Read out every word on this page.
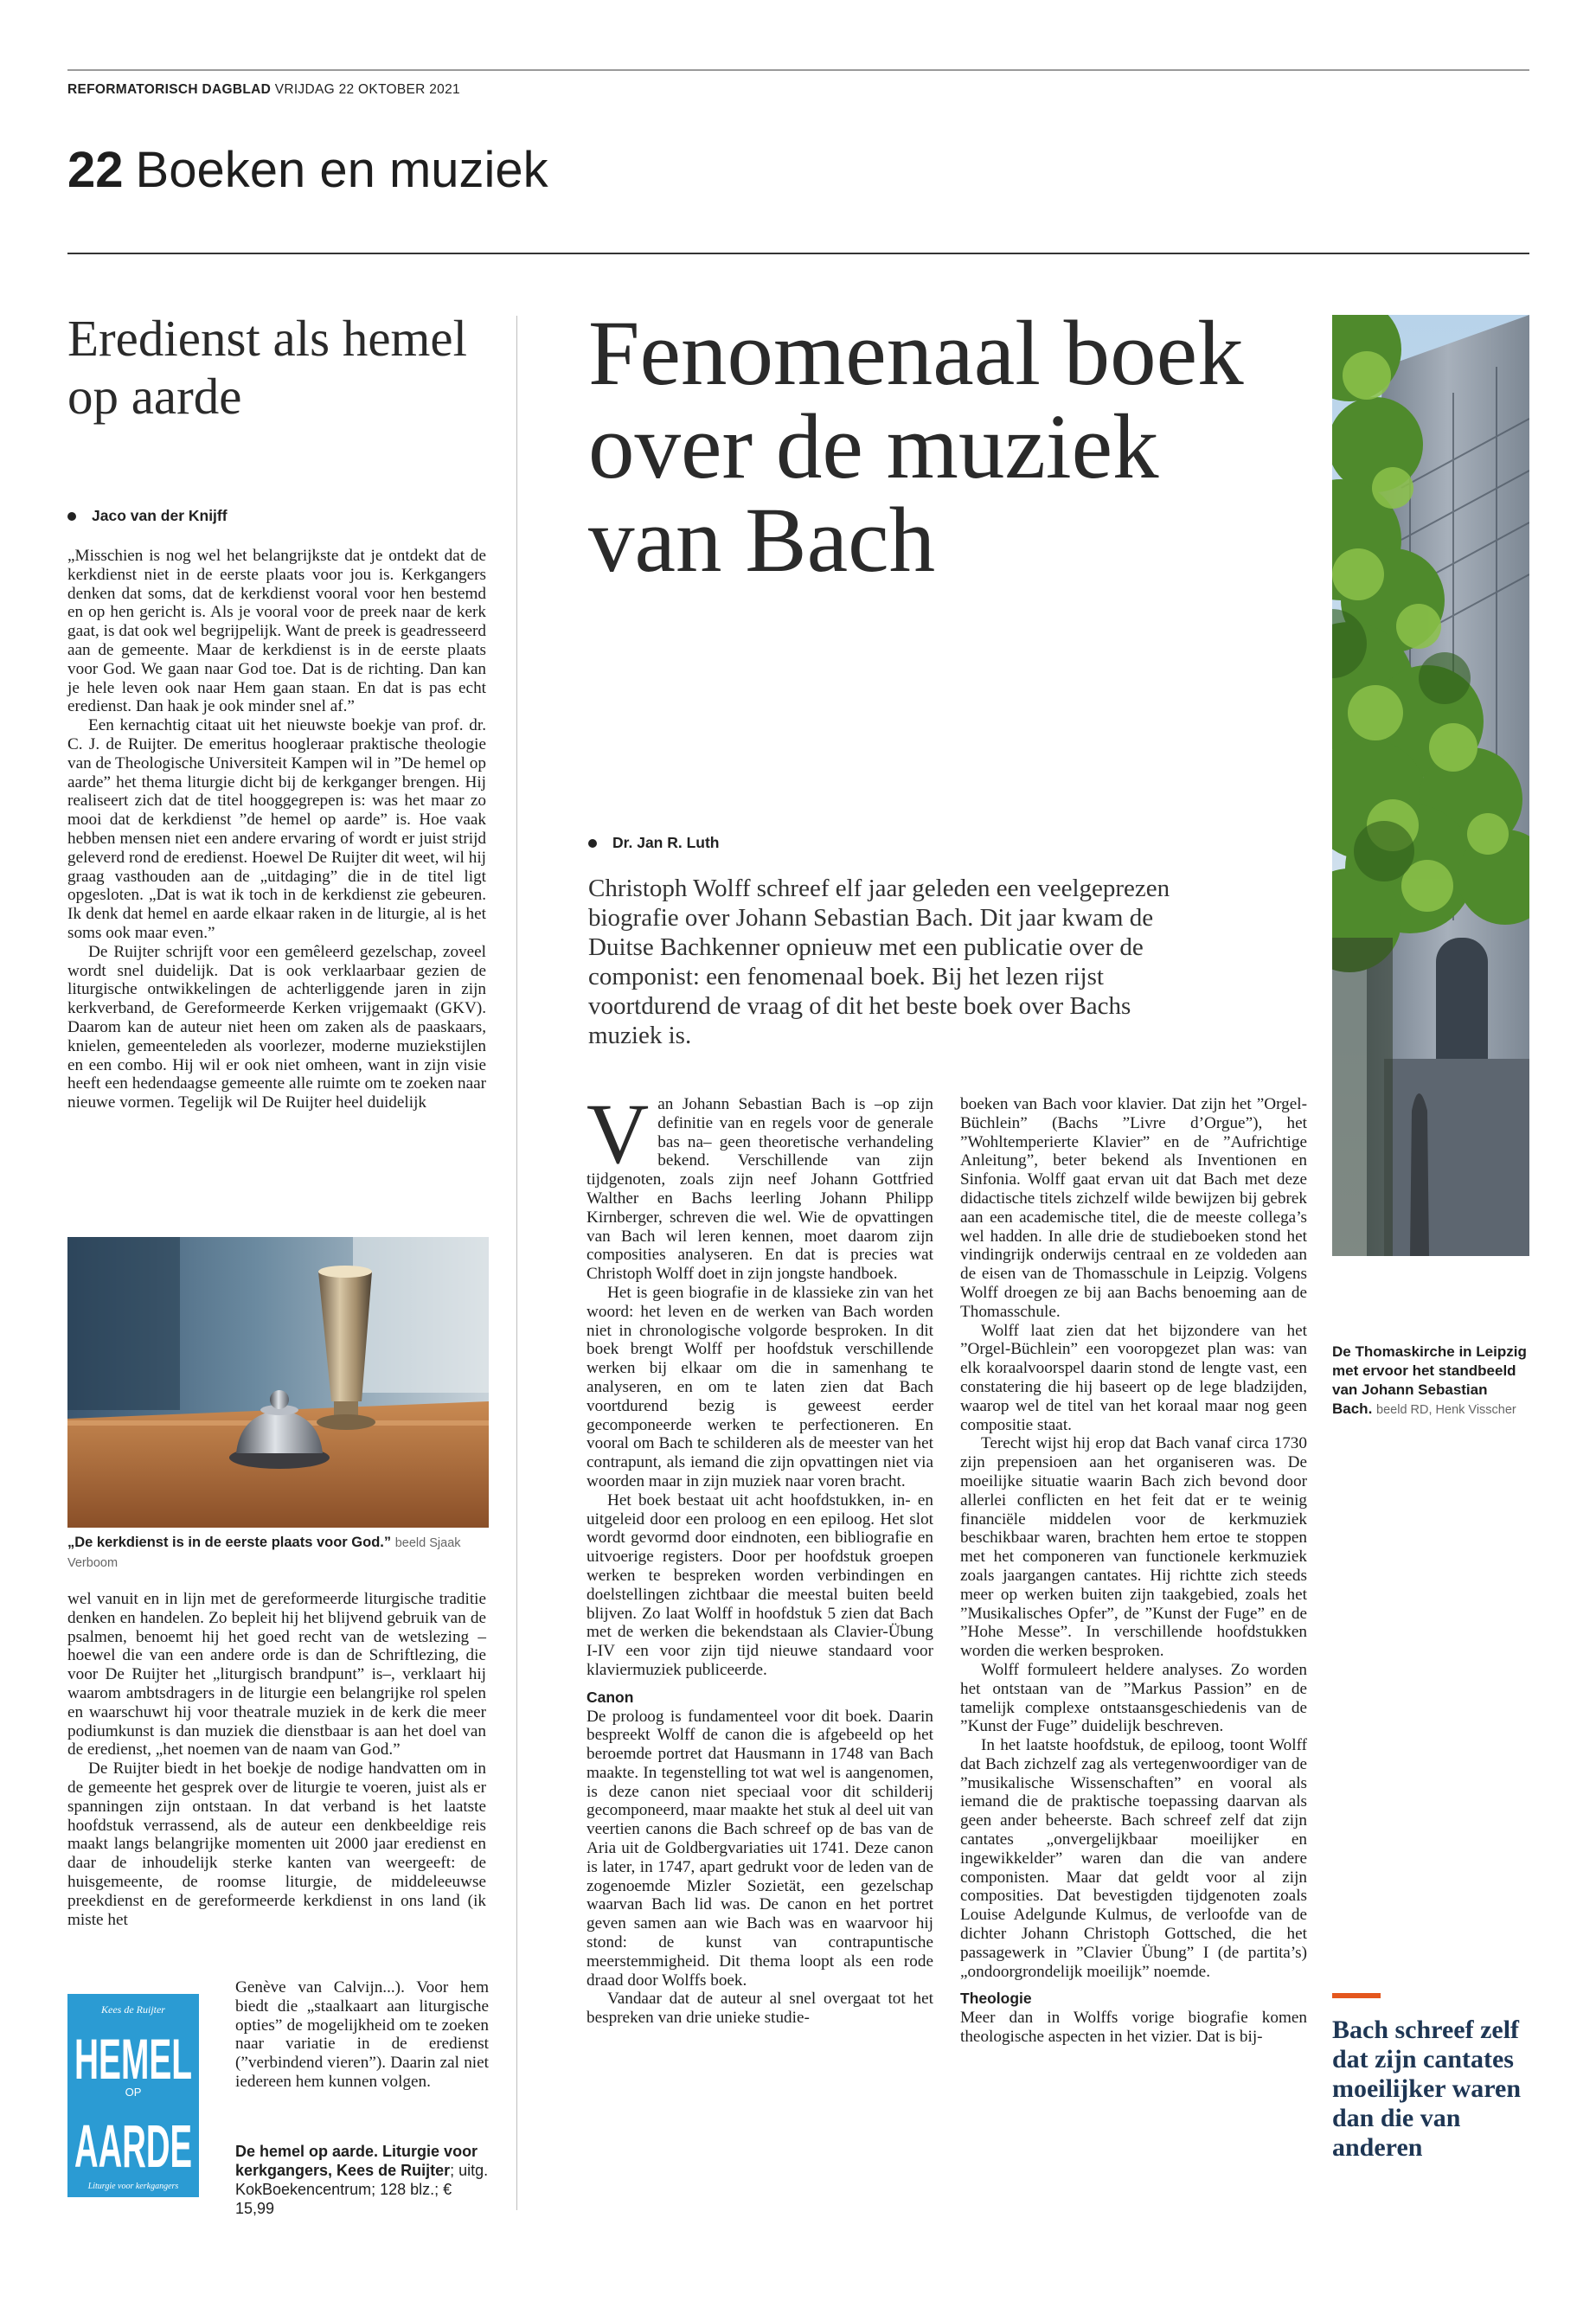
REFORMATORISCH DAGBLAD VRIJDAG 22 OKTOBER 2021
22 Boeken en muziek
Eredienst als hemel op aarde
Jaco van der Knijff

„Misschien is nog wel het belangrijkste dat je ontdekt dat de kerkdienst niet in de eerste plaats voor jou is. Kerkgangers denken dat soms, dat de kerkdienst vooral voor hen bestemd en op hen gericht is. Als je vooral voor de preek naar de kerk gaat, is dat ook wel begrijpelijk. Want de preek is geadresseerd aan de gemeente. Maar de kerkdienst is in de eerste plaats voor God. We gaan naar God toe. Dat is de richting. Dan kan je hele leven ook naar Hem gaan staan. En dat is pas echt eredienst. Dan haak je ook minder snel af.”

Een kernachtig citaat uit het nieuwste boekje van prof. dr. C. J. de Ruijter. De emeritus hoogleraar praktische theologie van de Theologische Universiteit Kampen wil in ”De hemel op aarde” het thema liturgie dicht bij de kerkganger brengen. Hij realiseert zich dat de titel hooggegrepen is: was het maar zo mooi dat de kerkdienst ”de hemel op aarde” is. Hoe vaak hebben mensen niet een andere ervaring of wordt er juist strijd geleverd rond de eredienst. Hoewel De Ruijter dit weet, wil hij graag vasthouden aan de „uitdaging” die in de titel ligt opgesloten. „Dat is wat ik toch in de kerkdienst zie gebeuren. Ik denk dat hemel en aarde elkaar raken in de liturgie, al is het soms ook maar even.”

De Ruijter schrijft voor een gemêleerd gezelschap, zoveel wordt snel duidelijk. Dat is ook verklaarbaar gezien de liturgische ontwikkelingen de achterliggende jaren in zijn kerkverband, de Gereformeerde Kerken vrijgemaakt (GKV). Daarom kan de auteur niet heen om zaken als de paaskaars, knielen, gemeenteleden als voorlezer, moderne muziekstijlen en een combo. Hij wil er ook niet omheen, want in zijn visie heeft een hedendaagse gemeente alle ruimte om te zoeken naar nieuwe vormen. Tegelijk wil De Ruijter heel duidelijk

„De kerkdienst is in de eerste plaats voor God.” beeld Sjaak Verboom

wel vanuit en in lijn met de gereformeerde liturgische traditie denken en handelen. Zo bepleit hij het blijvend gebruik van de psalmen, benoemt hij het goed recht van de wetslezing –hoewel die van een andere orde is dan de Schriftlezing, die voor De Ruijter het „liturgisch brandpunt” is–, verklaart hij waarom ambtsdragers in de liturgie een belangrijke rol spelen en waarschuwt hij voor theatrale muziek in de kerk die meer podiumkunst is dan muziek die dienstbaar is aan het doel van de eredienst, „het noemen van de naam van God.”

De Ruijter biedt in het boekje de nodige handvatten om in de gemeente het gesprek over de liturgie te voeren, juist als er spanningen zijn ontstaan. In dat verband is het laatste hoofdstuk verrassend, als de auteur een denkbeeldige reis maakt langs belangrijke momenten uit 2000 jaar eredienst en daar de inhoudelijk sterke kanten van weergeeft: de huisgemeente, de roomse liturgie, de middeleeuwse preekdienst en de gereformeerde kerkdienst in ons land (ik miste het

Kees de Ruijter
HEMEL
OP
AARDE
Liturgie voor kerkgangers

Genève van Calvijn...). Voor hem biedt die „staalkaart aan liturgische opties” de mogelijkheid om te zoeken naar variatie in de eredienst (”verbindend vieren”). Daarin zal niet iedereen hem kunnen volgen.

De hemel op aarde. Liturgie voor kerkgangers, Kees de Ruijter; uitg. KokBoekencentrum; 128 blz.; € 15,99
Fenomenaal boek over de muziek van Bach
Dr. Jan R. Luth
Christoph Wolff schreef elf jaar geleden een veelgeprezen biografie over Johann Sebastian Bach. Dit jaar kwam de Duitse Bachkenner opnieuw met een publicatie over de componist: een fenomenaal boek. Bij het lezen rijst voortdurend de vraag of dit het beste boek over Bachs muziek is.

Van Johann Sebastian Bach is –op zijn definitie van en regels voor de generale bas na– geen theoretische verhandeling bekend. Verschillende van zijn tijdgenoten, zoals zijn neef Johann Gottfried Walther en Bachs leerling Johann Philipp Kirnberger, schreven die wel. Wie de opvattingen van Bach wil leren kennen, moet daarom zijn composities analyseren. En dat is precies wat Christoph Wolff doet in zijn jongste handboek.

Het is geen biografie in de klassieke zin van het woord: het leven en de werken van Bach worden niet in chronologische volgorde besproken. In dit boek brengt Wolff per hoofdstuk verschillende werken bij elkaar om die in samenhang te analyseren, en om te laten zien dat Bach voortdurend bezig is geweest eerder gecomponeerde werken te perfectioneren. En vooral om Bach te schilderen als de meester van het contrapunt, als iemand die zijn opvattingen niet via woorden maar in zijn muziek naar voren bracht.

Het boek bestaat uit acht hoofdstukken, in- en uitgeleid door een proloog en een epiloog. Het slot wordt gevormd door eindnoten, een bibliografie en uitvoerige registers. Door per hoofdstuk groepen werken te bespreken worden verbindingen en doelstellingen zichtbaar die meestal buiten beeld blijven. Zo laat Wolff in hoofdstuk 5 zien dat Bach met de werken die bekendstaan als Clavier-Übung I-IV een voor zijn tijd nieuwe standaard voor klaviermuziek publiceerde.

Canon

De proloog is fundamenteel voor dit boek. Daarin bespreekt Wolff de canon die is afgebeeld op het beroemde portret dat Hausmann in 1748 van Bach maakte. In tegenstelling tot wat wel is aangenomen, is deze canon niet speciaal voor dit schilderij gecomponeerd, maar maakte het stuk al deel uit van veertien canons die Bach schreef op de bas van de Aria uit de Goldbergvariaties uit 1741. Deze canon is later, in 1747, apart gedrukt voor de leden van de zogenoemde Mizler Sozietät, een gezelschap waarvan Bach lid was. De canon en het portret geven samen aan wie Bach was en waarvoor hij stond: de kunst van contrapuntische meerstemmigheid. Dit thema loopt als een rode draad door Wolffs boek.

Vandaar dat de auteur al snel overgaat tot het bespreken van drie unieke studie-

boeken van Bach voor klavier. Dat zijn het ”Orgel-Büchlein” (Bachs ”Livre d’Orgue”), het ”Wohltemperierte Klavier” en de ”Aufrichtige Anleitung”, beter bekend als Inventionen en Sinfonia. Wolff gaat ervan uit dat Bach met deze didactische titels zichzelf wilde bewijzen bij gebrek aan een academische titel, die de meeste collega’s wel hadden. In alle drie de studieboeken stond het vindingrijk onderwijs centraal en ze voldeden aan de eisen van de Thomasschule in Leipzig. Volgens Wolff droegen ze bij aan Bachs benoeming aan de Thomasschule.

Wolff laat zien dat het bijzondere van het ”Orgel-Büchlein” een vooropgezet plan was: van elk koraalvoorspel daarin stond de lengte vast, een constatering die hij baseert op de lege bladzijden, waarop wel de titel van het koraal maar nog geen compositie staat.

Terecht wijst hij erop dat Bach vanaf circa 1730 zijn prepensioen aan het organiseren was. De moeilijke situatie waarin Bach zich bevond door allerlei conflicten en het feit dat er te weinig financiële middelen voor de kerkmuziek beschikbaar waren, brachten hem ertoe te stoppen met het componeren van functionele kerkmuziek zoals jaargangen cantates. Hij richtte zich steeds meer op werken buiten zijn taakgebied, zoals het ”Musikalisches Opfer”, de ”Kunst der Fuge” en de ”Hohe Messe”. In verschillende hoofdstukken worden die werken besproken.

Wolff formuleert heldere analyses. Zo worden het ontstaan van de ”Markus Passion” en de tamelijk complexe ontstaansgeschiedenis van de ”Kunst der Fuge” duidelijk beschreven.

In het laatste hoofdstuk, de epiloog, toont Wolff dat Bach zichzelf zag als vertegenwoordiger van de ”musikalische Wissenschaften” en vooral als iemand die de praktische toepassing daarvan als geen ander beheerste. Bach schreef zelf dat zijn cantates „onvergelijkbaar moeilijker en ingewikkelder” waren dan die van andere componisten. Maar dat geldt voor al zijn composities. Dat bevestigden tijdgenoten zoals Louise Adelgunde Kulmus, de verloofde van de dichter Johann Christoph Gottsched, die het passagewerk in ”Clavier Übung” I (de partita’s) „ondoorgrondelijk moeilijk” noemde.

Theologie

Meer dan in Wolffs vorige biografie komen theologische aspecten in het vizier. Dat is bij-

De Thomaskirche in Leipzig met ervoor het standbeeld van Johann Sebastian Bach. beeld RD, Henk Visscher
Bach schreef zelf dat zijn cantates moeilijker waren dan die van anderen
